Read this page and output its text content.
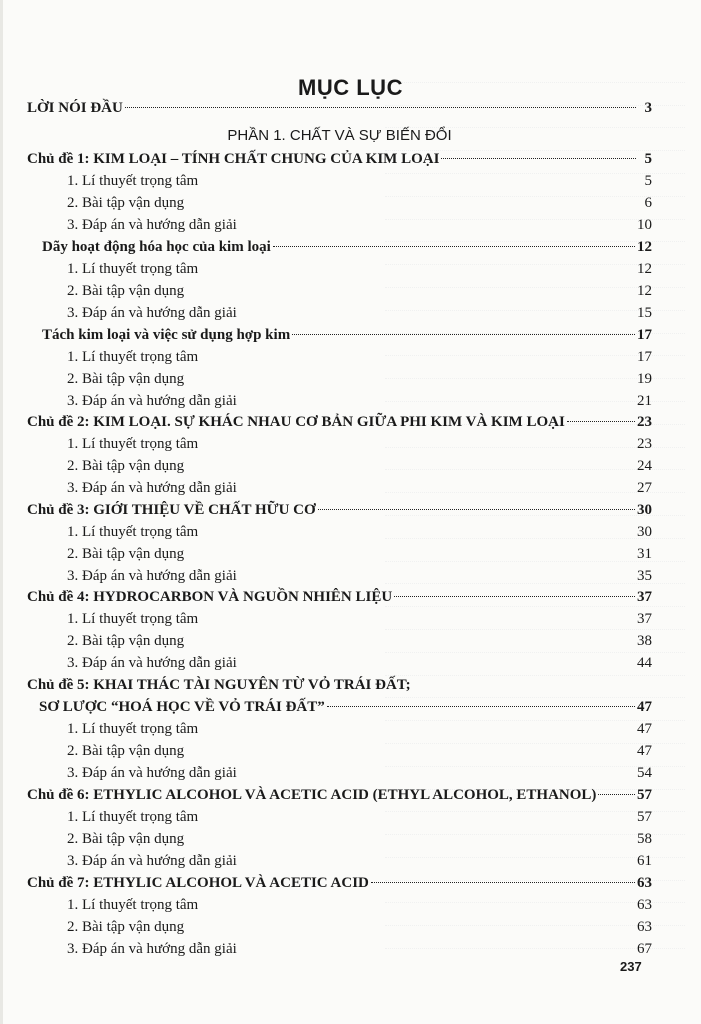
MỤC LỤC
LỜI NÓI ĐẦU	3
PHẦN 1. CHẤT VÀ SỰ BIẾN ĐỔI
Chủ đề 1: KIM LOẠI – TÍNH CHẤT CHUNG CỦA KIM LOẠI	5
1. Lí thuyết trọng tâm	5
2. Bài tập vận dụng	6
3. Đáp án và hướng dẫn giải	10
Dãy hoạt động hóa học của kim loại	12
1. Lí thuyết trọng tâm	12
2. Bài tập vận dụng	12
3. Đáp án và hướng dẫn giải	15
Tách kim loại và việc sử dụng hợp kim	17
1. Lí thuyết trọng tâm	17
2. Bài tập vận dụng	19
3. Đáp án và hướng dẫn giải	21
Chủ đề 2: KIM LOẠI. SỰ KHÁC NHAU CƠ BẢN GIỮA PHI KIM VÀ KIM LOẠI	23
1. Lí thuyết trọng tâm	23
2. Bài tập vận dụng	24
3. Đáp án và hướng dẫn giải	27
Chủ đề 3: GIỚI THIỆU VỀ CHẤT HỮU CƠ	30
1. Lí thuyết trọng tâm	30
2. Bài tập vận dụng	31
3. Đáp án và hướng dẫn giải	35
Chủ đề 4: HYDROCARBON VÀ NGUỒN NHIÊN LIỆU	37
1. Lí thuyết trọng tâm	37
2. Bài tập vận dụng	38
3. Đáp án và hướng dẫn giải	44
Chủ đề 5: KHAI THÁC TÀI NGUYÊN TỪ VỎ TRÁI ĐẤT;
SƠ LƯỢC “HOÁ HỌC VỀ VỎ TRÁI ĐẤT”	47
1. Lí thuyết trọng tâm	47
2. Bài tập vận dụng	47
3. Đáp án và hướng dẫn giải	54
Chủ đề 6: ETHYLIC ALCOHOL VÀ ACETIC ACID (ETHYL ALCOHOL, ETHANOL)	57
1. Lí thuyết trọng tâm	57
2. Bài tập vận dụng	58
3. Đáp án và hướng dẫn giải	61
Chủ đề 7: ETHYLIC ALCOHOL VÀ ACETIC ACID	63
1. Lí thuyết trọng tâm	63
2. Bài tập vận dụng	63
3. Đáp án và hướng dẫn giải	67
237
